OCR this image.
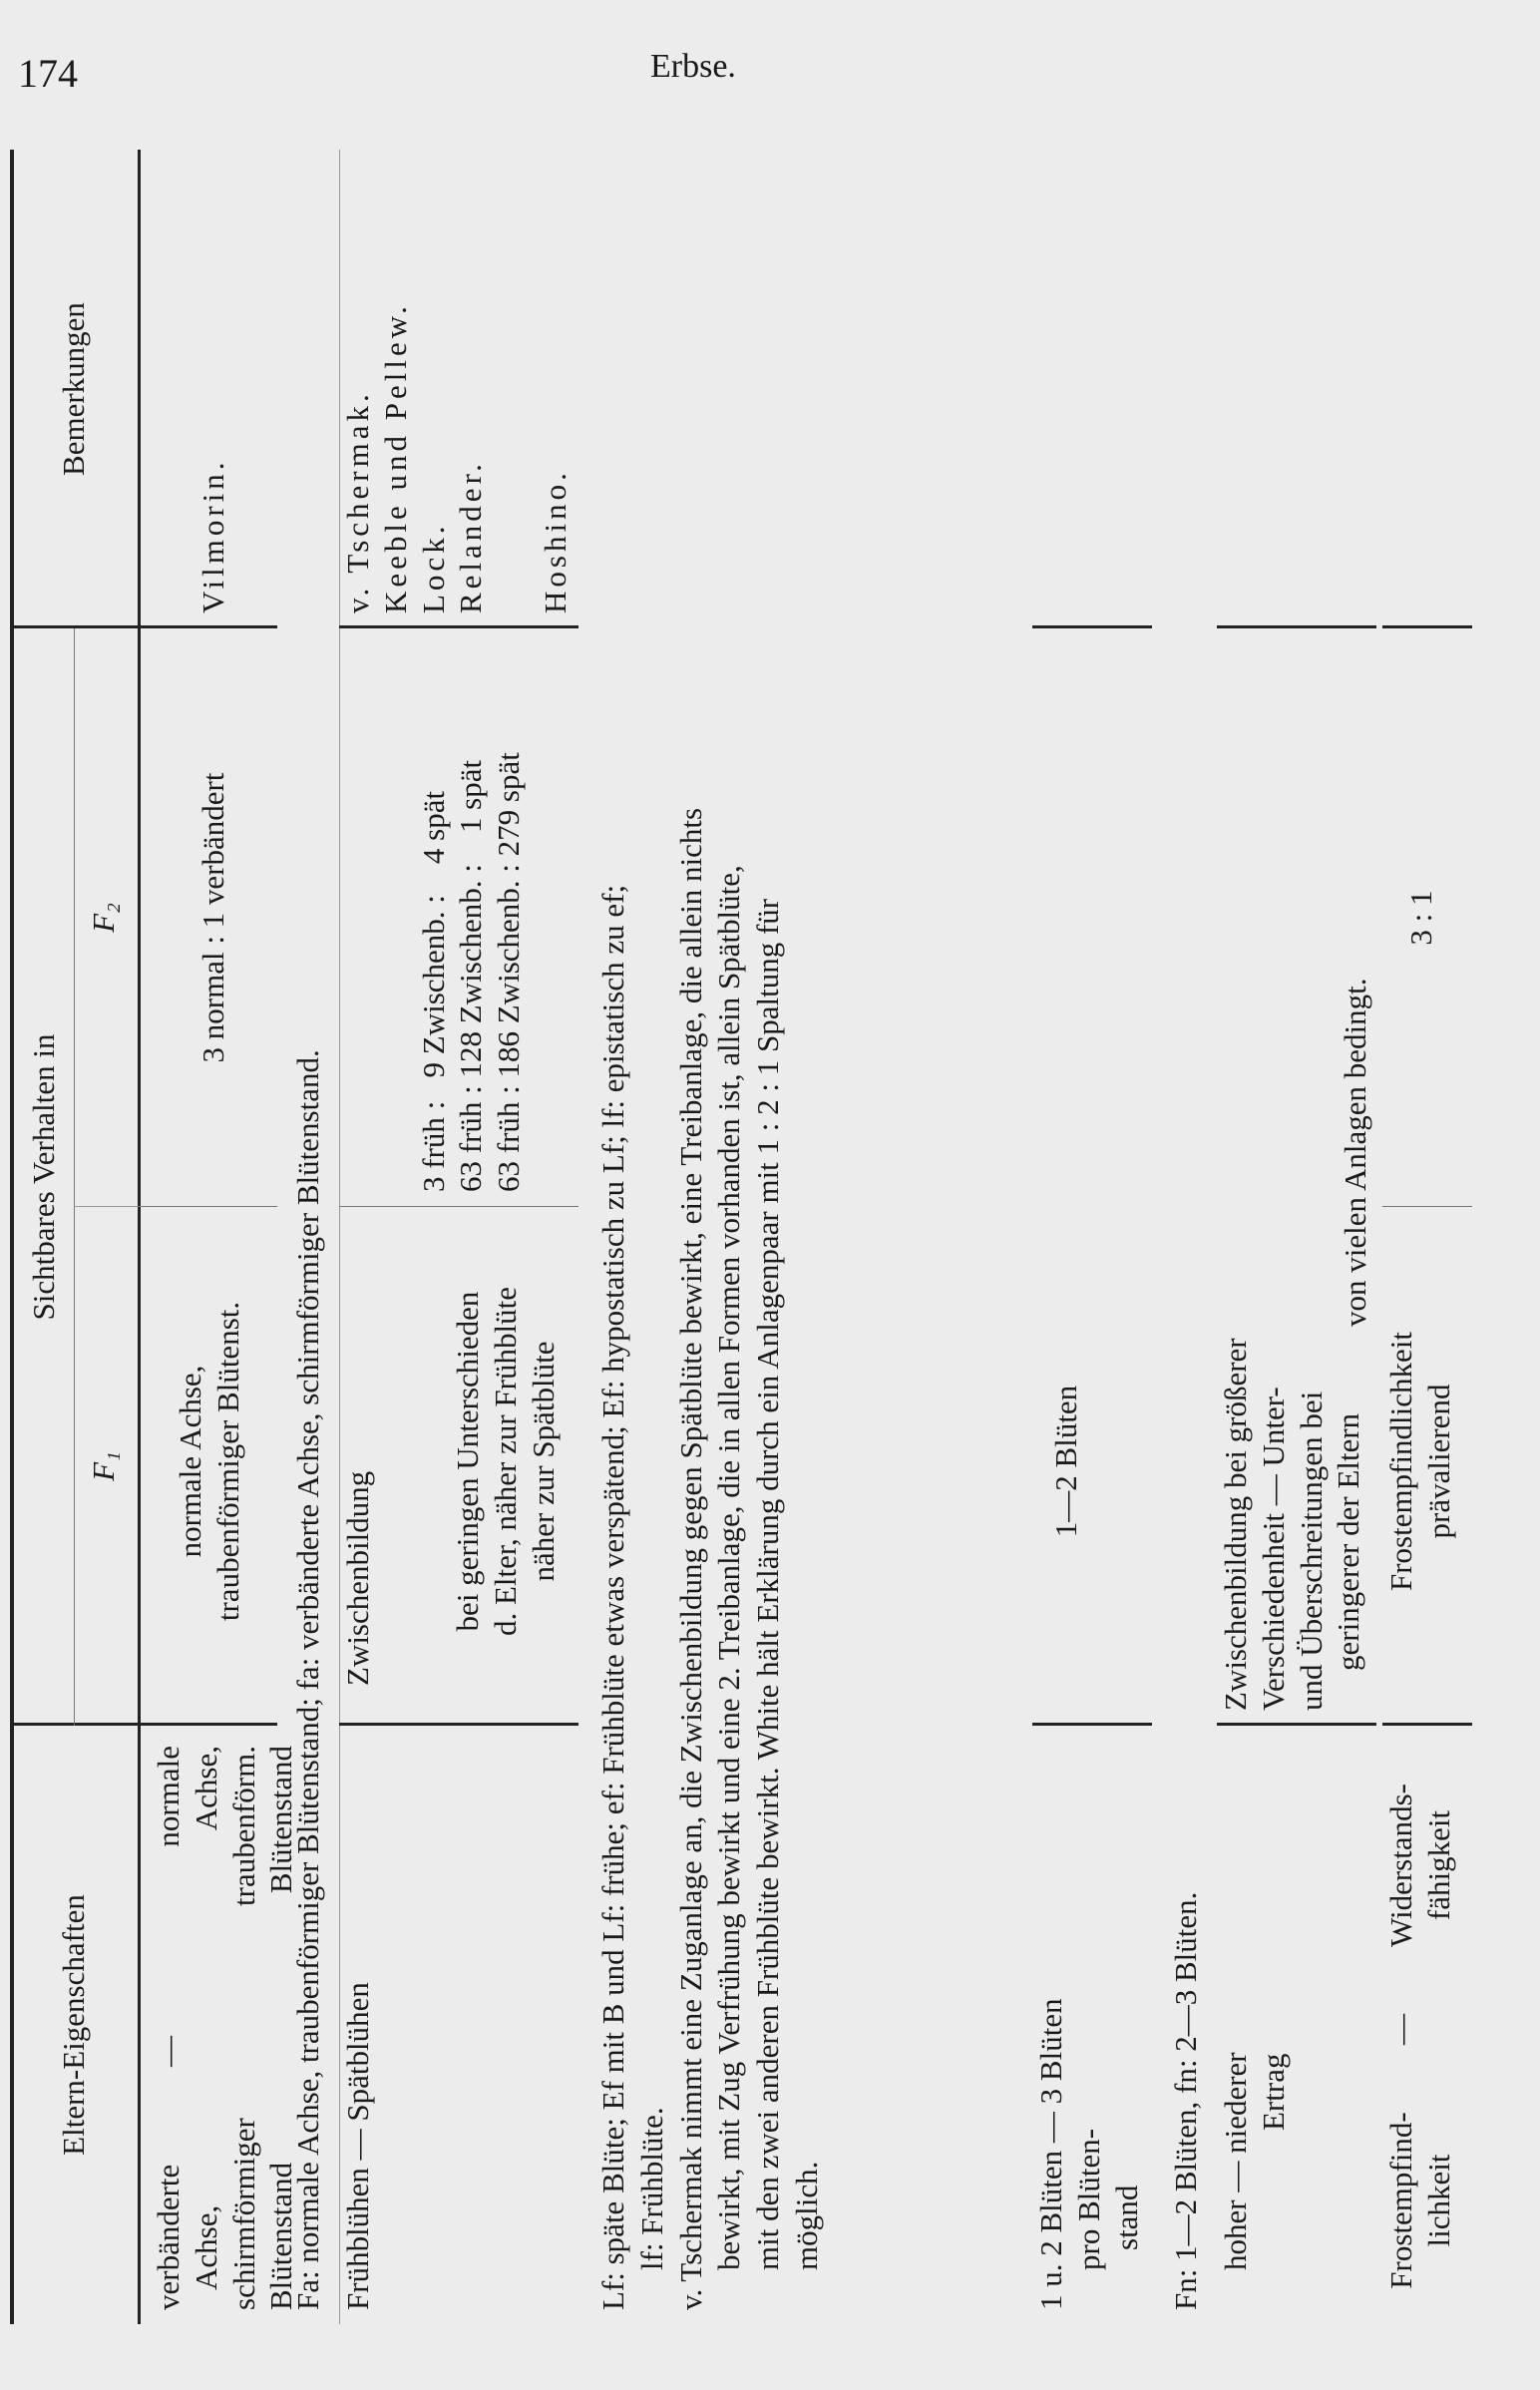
174	Erbse.
Eltern-Eigenschaften
Sichtbares Verhalten in
F₁
F₂
Bemerkungen
verbänderte Achse, schirmförmiger Blütenstand
—
normale Achse, traubenförm. Blütenstand
normale Achse, traubenförmiger Blütenst.
3 normal : 1 verbändert
Vilmorin.
Fa: normale Achse, traubenförmiger Blütenstand; fa: verbänderte Achse, schirmförmiger Blütenstand. Frühblühen — Spätblühen
Zwischenbildung bei geringen Unterschieden d. Elter, näher zur Frühblüte näher zur Spätblüte

3 früh :   9 Zwischenb. :    4 spät 63 früh : 128 Zwischenb. :    1 spät 63 früh : 186 Zwischenb. : 279 spät

v. Tschermak. Keeble und Pellew. Lock. Relander. Hoshino.
Lf: späte Blüte; Ef mit B und Lf: frühe; ef: Frühblüte etwas verspätend; Ef: hypostatisch zu Lf; lf: epistatisch zu ef; lf: Frühblüte. v. Tschermak nimmt eine Zuganlage an, die Zwischenbildung gegen Spätblüte bewirkt, eine Treibanlage, die allein nichts bewirkt, mit Zug Verfrühung bewirkt und eine 2. Treibanlage, die in allen Formen vorhanden ist, allein Spätblüte, mit den zwei anderen Frühblüte bewirkt. White hält Erklärung durch ein Anlagenpaar mit 1 : 2 : 1 Spaltung für möglich.	1 u. 2 Blüten — 3 Blüten pro Blüten- stand
1—2 Blüten
Fn: 1—2 Blüten, fn: 2—3 Blüten. hoher — niederer Ertrag
Zwischenbildung bei größerer Verschiedenheit — Unter- und Überschreitungen bei geringerer der Eltern
von vielen Anlagen bedingt.
Frostempfind- lichkeit
—
Widerstands- fähigkeit
Frostempfindlichkeit prävalierend
3 : 1
